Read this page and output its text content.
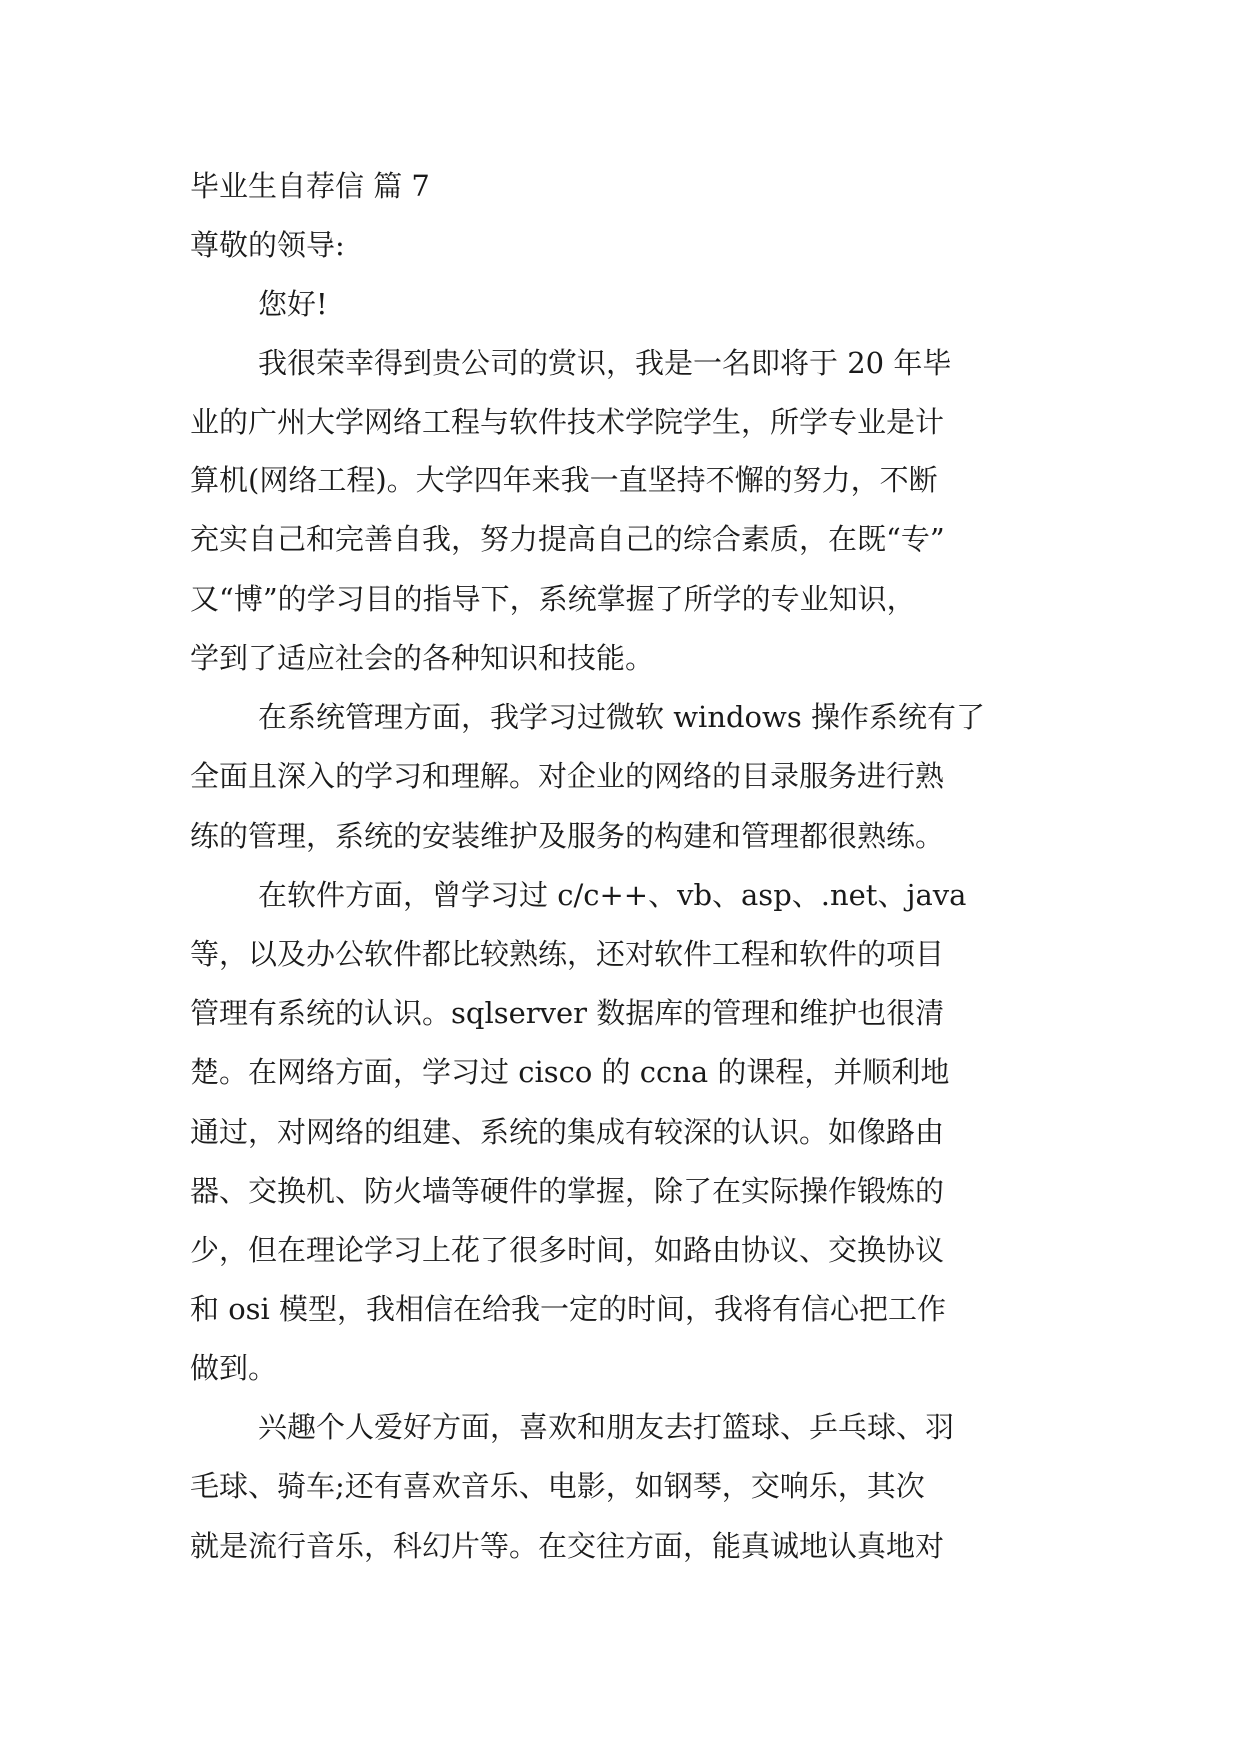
毕业生自荐信 篇 7
尊敬的领导:
您好!
我很荣幸得到贵公司的赏识，我是一名即将于 20 年毕
业的广州大学网络工程与软件技术学院学生，所学专业是计
算机(网络工程)。大学四年来我一直坚持不懈的努力，不断
充实自己和完善自我，努力提高自己的综合素质，在既“专”
又“博”的学习目的指导下，系统掌握了所学的专业知识，
学到了适应社会的各种知识和技能。
在系统管理方面，我学习过微软 windows 操作系统有了
全面且深入的学习和理解。对企业的网络的目录服务进行熟
练的管理，系统的安装维护及服务的构建和管理都很熟练。
在软件方面，曾学习过 c/c++、vb、asp、.net、java
等，以及办公软件都比较熟练，还对软件工程和软件的项目
管理有系统的认识。sqlserver 数据库的管理和维护也很清
楚。在网络方面，学习过 cisco 的 ccna 的课程，并顺利地
通过，对网络的组建、系统的集成有较深的认识。如像路由
器、交换机、防火墙等硬件的掌握，除了在实际操作锻炼的
少，但在理论学习上花了很多时间，如路由协议、交换协议
和 osi 模型，我相信在给我一定的时间，我将有信心把工作
做到。
兴趣个人爱好方面，喜欢和朋友去打篮球、乒乓球、羽
毛球、骑车;还有喜欢音乐、电影，如钢琴，交响乐，其次
就是流行音乐，科幻片等。在交往方面，能真诚地认真地对
